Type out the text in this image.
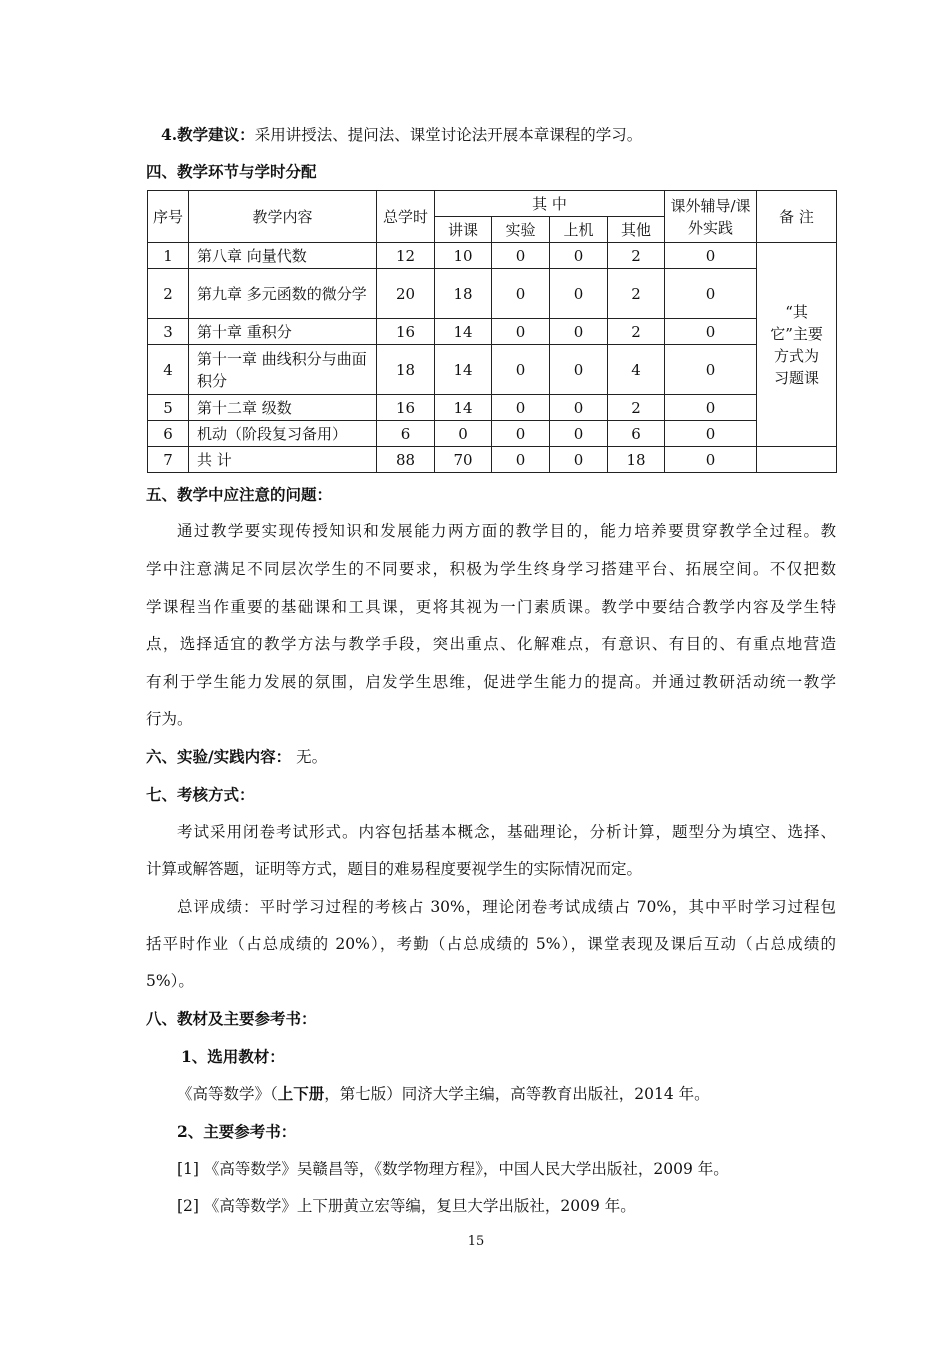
4.教学建议：采用讲授法、提问法、课堂讨论法开展本章课程的学习。
四、教学环节与学时分配
序号	教学内容	总学时	其 中				课外辅导/课外实践	备 注
			讲课	实验	上机	其他		
1	第八章 向量代数	12	10	0	0	2	0	“其它”主要方式为习题课
2	第九章 多元函数的微分学	20	18	0	0	2	0	
3	第十章 重积分	16	14	0	0	2	0	
4	第十一章 曲线积分与曲面积分	18	14	0	0	4	0	
5	第十二章 级数	16	14	0	0	2	0	
6	机动（阶段复习备用）	6	0	0	0	6	0	
7	共 计	88	70	0	0	18	0	
五、教学中应注意的问题：
通过教学要实现传授知识和发展能力两方面的教学目的，能力培养要贯穿教学全过程。教
学中注意满足不同层次学生的不同要求，积极为学生终身学习搭建平台、拓展空间。不仅把数
学课程当作重要的基础课和工具课，更将其视为一门素质课。教学中要结合教学内容及学生特
点，选择适宜的教学方法与教学手段，突出重点、化解难点，有意识、有目的、有重点地营造
有利于学生能力发展的氛围，启发学生思维，促进学生能力的提高。并通过教研活动统一教学
行为。
六、实验/实践内容： 无。
七、考核方式：
考试采用闭卷考试形式。内容包括基本概念，基础理论，分析计算，题型分为填空、选择、
计算或解答题，证明等方式，题目的难易程度要视学生的实际情况而定。
总评成绩：平时学习过程的考核占 30%，理论闭卷考试成绩占 70%，其中平时学习过程包
括平时作业（占总成绩的 20%），考勤（占总成绩的 5%），课堂表现及课后互动（占总成绩的
5%）。
八、教材及主要参考书：
1、选用教材：
《高等数学》（上下册，第七版）同济大学主编，高等教育出版社，2014 年。
2、主要参考书：
[1] 《高等数学》吴赣昌等，《数学物理方程》，中国人民大学出版社，2009 年。
[2] 《高等数学》上下册黄立宏等编，复旦大学出版社，2009 年。
15
